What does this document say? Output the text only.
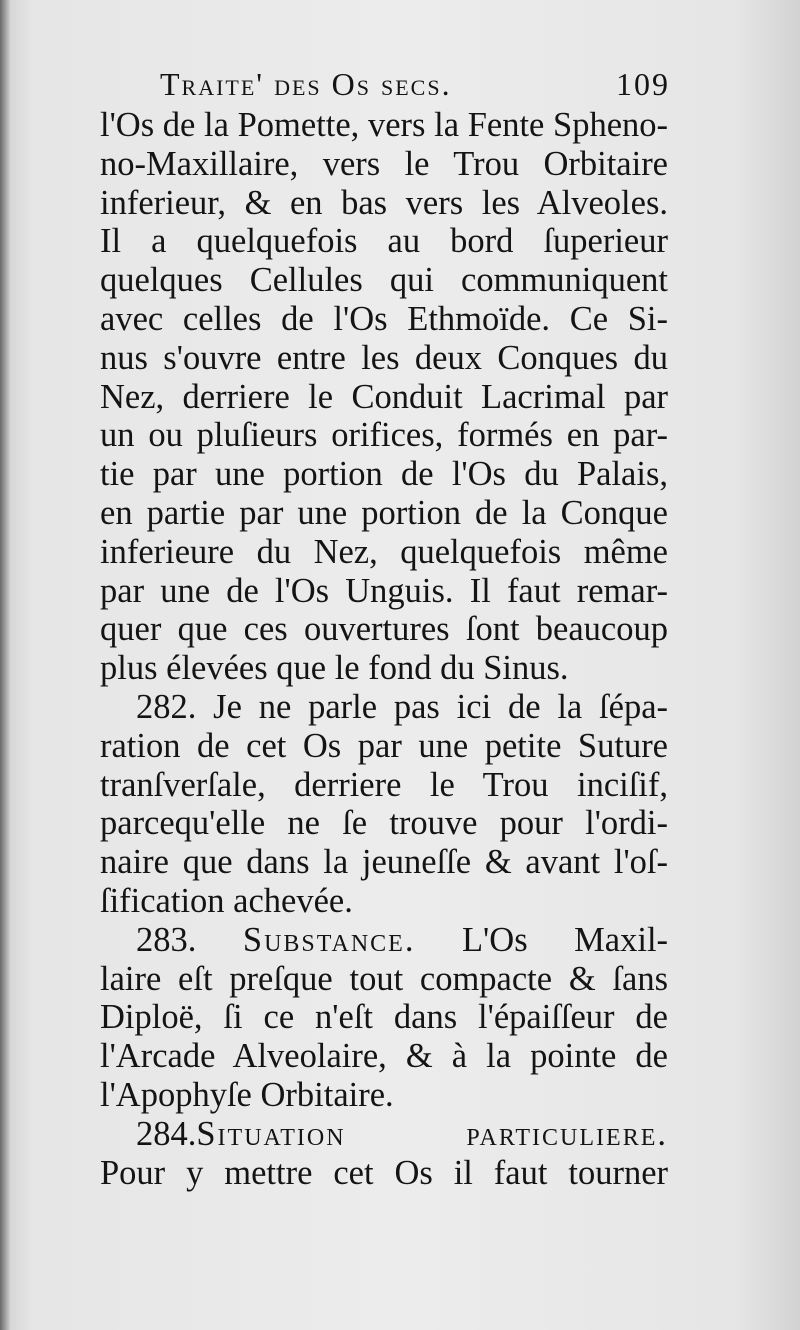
Traite' des Os secs.	109
l'Os de la Pomette, vers la Fente Spheno-
no-Maxillaire, vers le Trou Orbitaire
inferieur, & en bas vers les Alveoles.
Il a quelquefois au bord ſuperieur
quelques Cellules qui communiquent
avec celles de l'Os Ethmoïde. Ce Si-
nus s'ouvre entre les deux Conques du
Nez, derriere le Conduit Lacrimal par
un ou pluſieurs orifices, formés en par-
tie par une portion de l'Os du Palais,
en partie par une portion de la Conque
inferieure du Nez, quelquefois même
par une de l'Os Unguis. Il faut remar-
quer que ces ouvertures ſont beaucoup
plus élevées que le fond du Sinus.
282. Je ne parle pas ici de la ſépa-
ration de cet Os par une petite Suture
tranſverſale, derriere le Trou inciſif,
parcequ'elle ne ſe trouve pour l'ordi-
naire que dans la jeuneſſe & avant l'oſ-
ſification achevée.
283. Substance. L'Os Maxil-
laire eſt preſque tout compacte & ſans
Diploë, ſi ce n'eſt dans l'épaiſſeur de
l'Arcade Alveolaire, & à la pointe de
l'Apophyſe Orbitaire.
284.Situation particuliere.
Pour y mettre cet Os il faut tourner
